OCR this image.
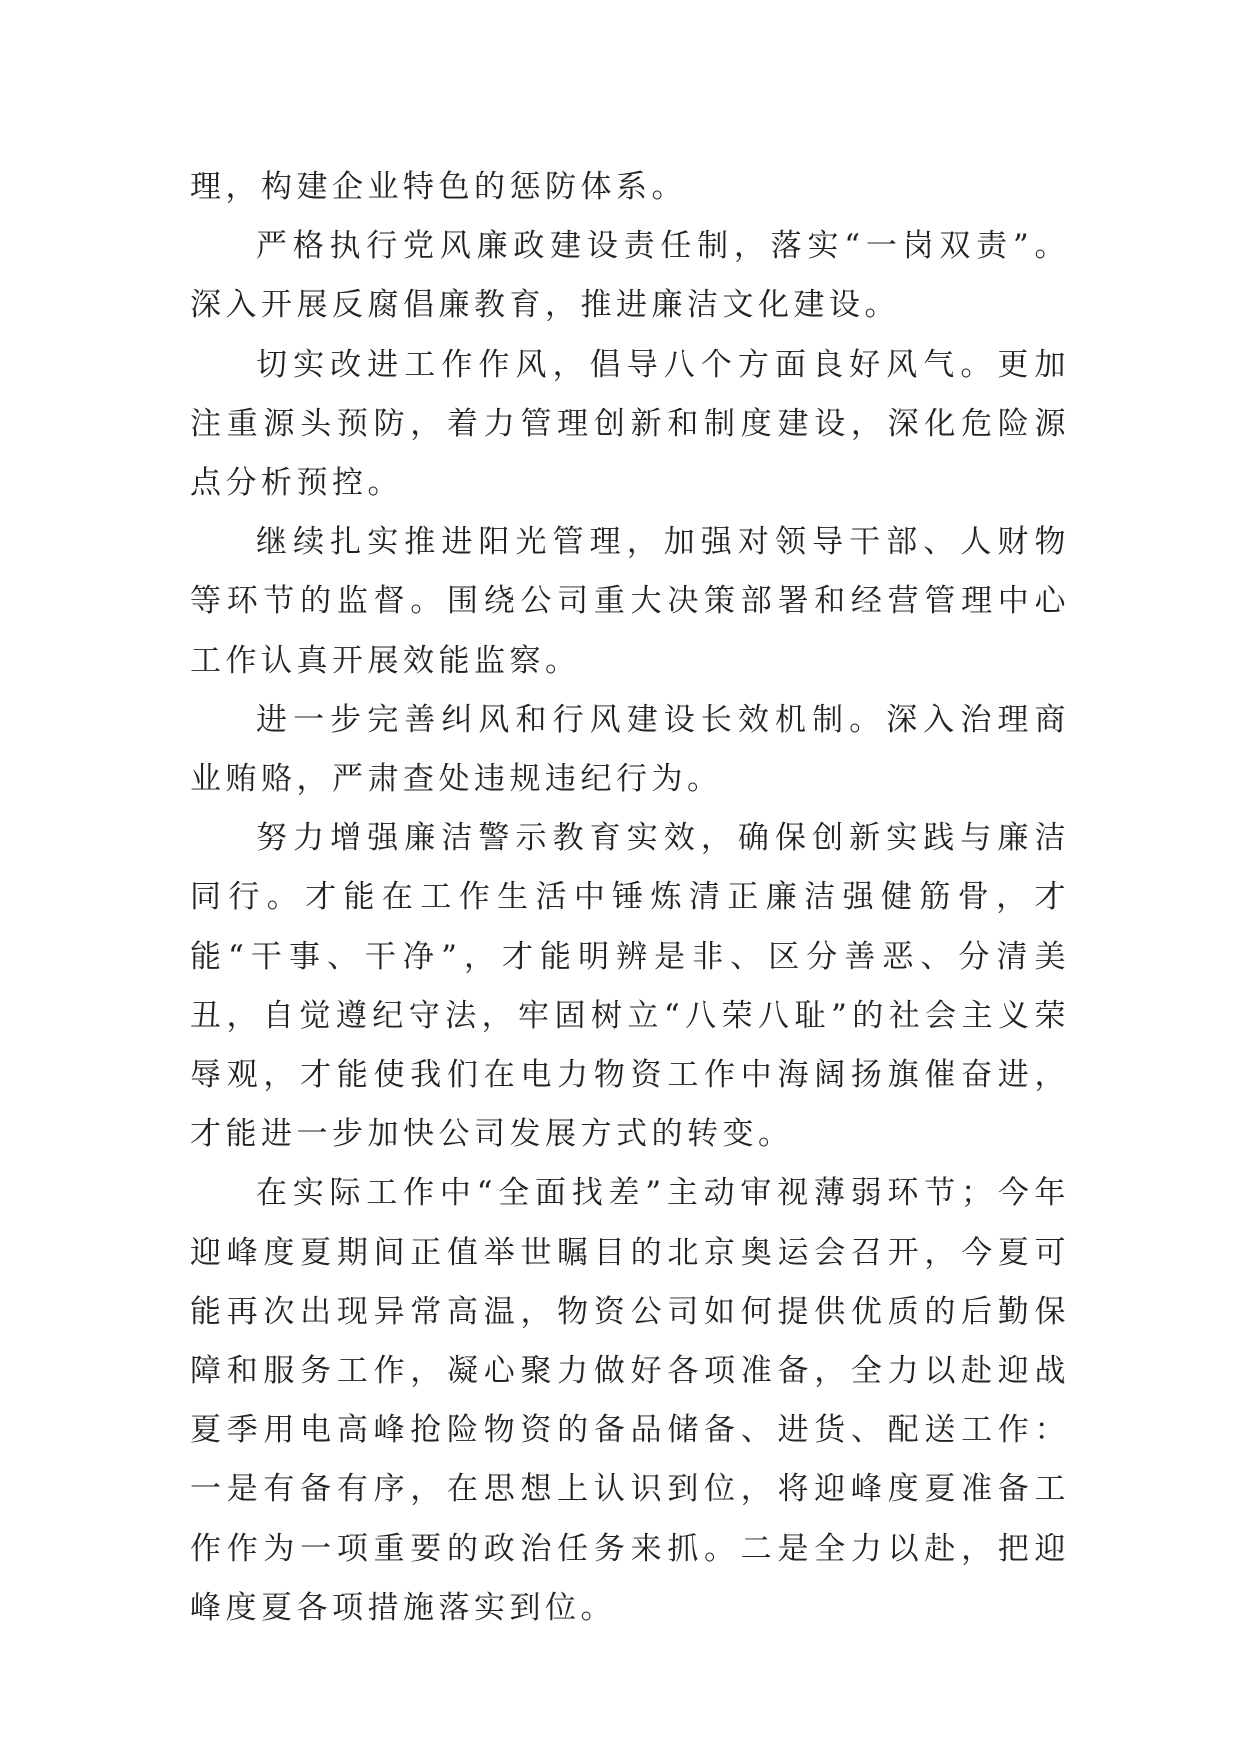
理，构建企业特色的惩防体系。

严格执行党风廉政建设责任制，落实“一岗双责”。深入开展反腐倡廉教育，推进廉洁文化建设。

切实改进工作作风，倡导八个方面良好风气。更加注重源头预防，着力管理创新和制度建设，深化危险源点分析预控。

继续扎实推进阳光管理，加强对领导干部、人财物等环节的监督。围绕公司重大决策部署和经营管理中心工作认真开展效能监察。

进一步完善纠风和行风建设长效机制。深入治理商业贿赂，严肃查处违规违纪行为。

努力增强廉洁警示教育实效，确保创新实践与廉洁同行。才能在工作生活中锤炼清正廉洁强健筋骨，才能“干事、干净”，才能明辨是非、区分善恶、分清美丑，自觉遵纪守法，牢固树立“八荣八耻”的社会主义荣辱观，才能使我们在电力物资工作中海阔扬旗催奋进，才能进一步加快公司发展方式的转变。

在实际工作中“全面找差”主动审视薄弱环节；今年迎峰度夏期间正值举世瞩目的北京奥运会召开，今夏可能再次出现异常高温，物资公司如何提供优质的后勤保障和服务工作，凝心聚力做好各项准备，全力以赴迎战夏季用电高峰抢险物资的备品储备、进货、配送工作：一是有备有序，在思想上认识到位，将迎峰度夏准备工作作为一项重要的政治任务来抓。二是全力以赴，把迎峰度夏各项措施落实到位。
